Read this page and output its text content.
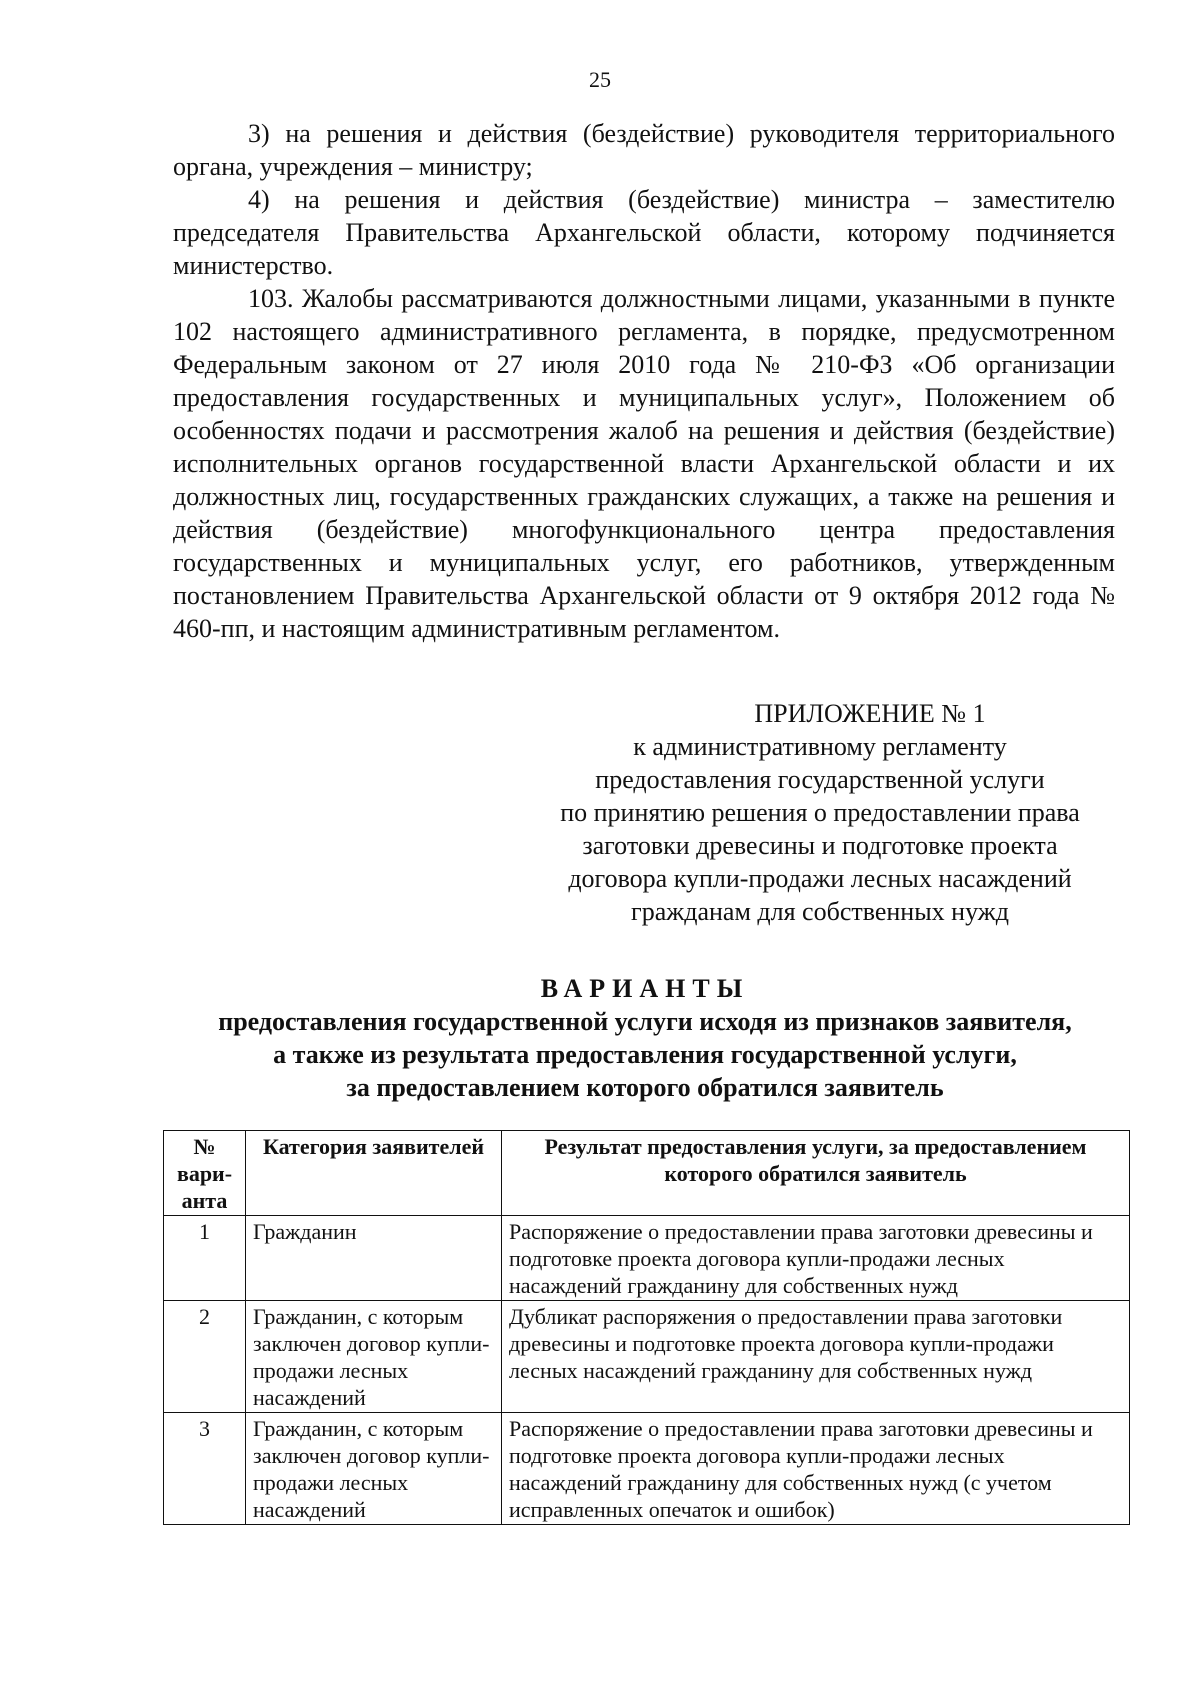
25

3) на решения и действия (бездействие) руководителя территориального органа, учреждения – министру;

4) на решения и действия (бездействие) министра – заместителю председателя Правительства Архангельской области, которому подчиняется министерство.

103. Жалобы рассматриваются должностными лицами, указанными в пункте 102 настоящего административного регламента, в порядке, предусмотренном Федеральным законом от 27 июля 2010 года № 210-ФЗ «Об организации предоставления государственных и муниципальных услуг», Положением об особенностях подачи и рассмотрения жалоб на решения и действия (бездействие) исполнительных органов государственной власти Архангельской области и их должностных лиц, государственных гражданских служащих, а также на решения и действия (бездействие) многофункционального центра предоставления государственных и муниципальных услуг, его работников, утвержденным постановлением Правительства Архангельской области от 9 октября 2012 года № 460-пп, и настоящим административным регламентом.

ПРИЛОЖЕНИЕ № 1
к административному регламенту
предоставления государственной услуги
по принятию решения о предоставлении права
заготовки древесины и подготовке проекта
договора купли-продажи лесных насаждений
гражданам для собственных нужд
ВАРИАНТЫ
предоставления государственной услуги исходя из признаков заявителя,
а также из результата предоставления государственной услуги,
за предоставлением которого обратился заявитель
№ вари-анта	Категория заявителей	Результат предоставления услуги, за предоставлением которого обратился заявитель
1	Гражданин	Распоряжение о предоставлении права заготовки древесины и подготовке проекта договора купли-продажи лесных насаждений гражданину для собственных нужд
2	Гражданин, с которым заключен договор купли-продажи лесных насаждений	Дубликат распоряжения о предоставлении права заготовки древесины и подготовке проекта договора купли-продажи лесных насаждений гражданину для собственных нужд
3	Гражданин, с которым заключен договор купли-продажи лесных насаждений	Распоряжение о предоставлении права заготовки древесины и подготовке проекта договора купли-продажи лесных насаждений гражданину для собственных нужд (с учетом исправленных опечаток и ошибок)
